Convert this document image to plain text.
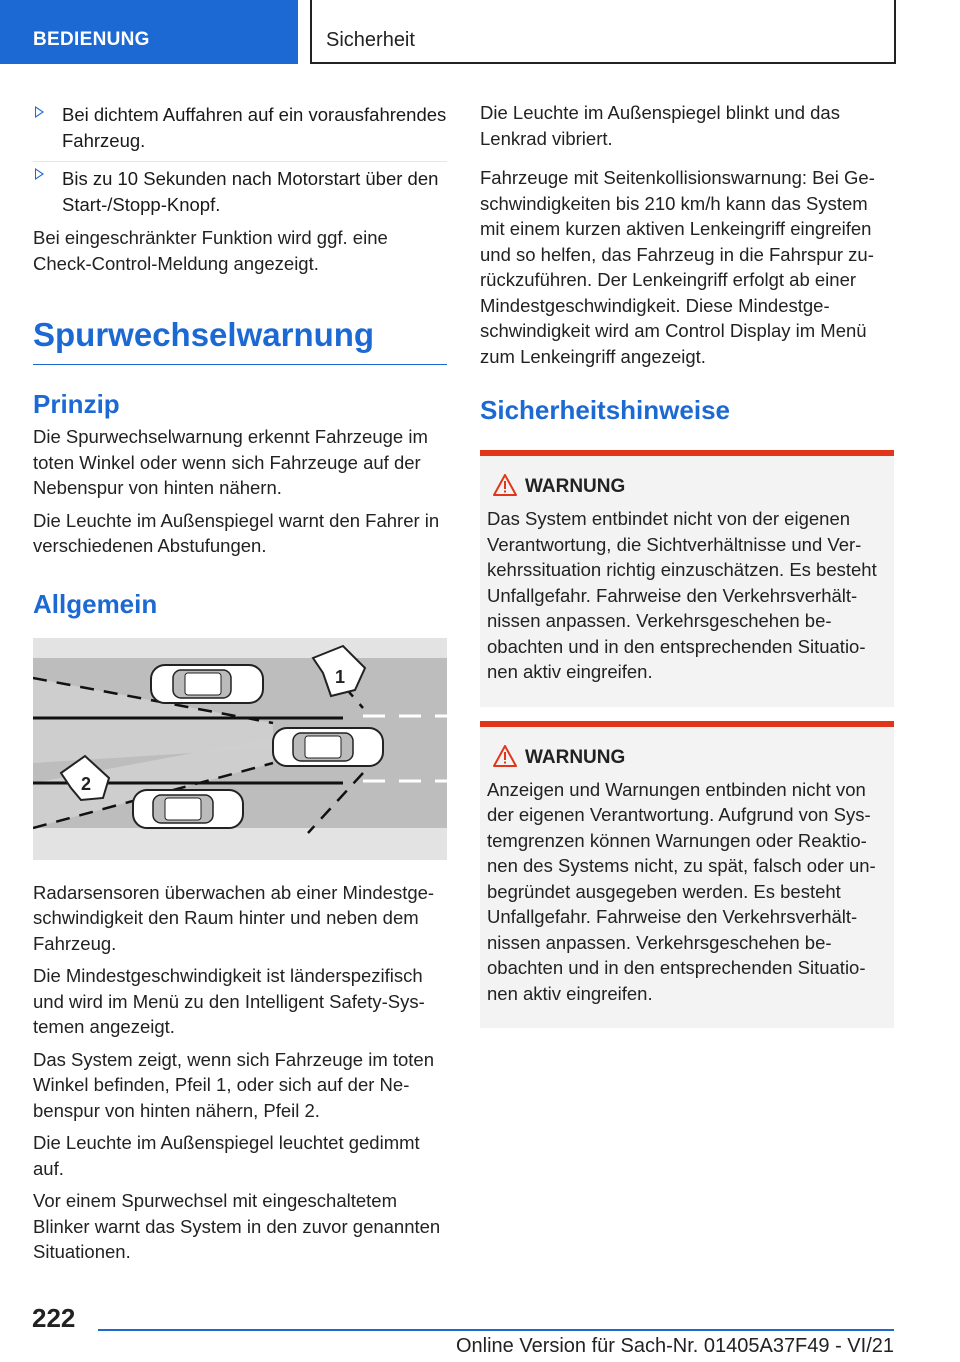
BEDIENUNG	Sicherheit
Bei dichtem Auffahren auf ein vorausfahrendes Fahrzeug.
Bis zu 10 Sekunden nach Motorstart über den Start-/Stopp-Knopf.

Bei eingeschränkter Funktion wird ggf. eine Check-Control-Meldung angezeigt.

Spurwechselwarnung
Prinzip

Die Spurwechselwarnung erkennt Fahrzeuge im toten Winkel oder wenn sich Fahrzeuge auf der Nebenspur von hinten nähern.

Die Leuchte im Außenspiegel warnt den Fahrer in verschiedenen Abstufungen.

Allgemein
1
2

Radarsensoren überwachen ab einer Mindestgeschwindigkeit den Raum hinter und neben dem Fahrzeug.

Die Mindestgeschwindigkeit ist länderspezifisch und wird im Menü zu den Intelligent Safety-Systemen angezeigt.

Das System zeigt, wenn sich Fahrzeuge im toten Winkel befinden, Pfeil 1, oder sich auf der Nebenspur von hinten nähern, Pfeil 2.

Die Leuchte im Außenspiegel leuchtet gedimmt auf.

Vor einem Spurwechsel mit eingeschaltetem Blinker warnt das System in den zuvor genannten Situationen.

Die Leuchte im Außenspiegel blinkt und das Lenkrad vibriert.

Fahrzeuge mit Seitenkollisionswarnung: Bei Geschwindigkeiten bis 210 km/h kann das System mit einem kurzen aktiven Lenkeingriff eingreifen und so helfen, das Fahrzeug in die Fahrspur zurückzuführen. Der Lenkeingriff erfolgt ab einer Mindestgeschwindigkeit. Diese Mindestgeschwindigkeit wird am Control Display im Menü zum Lenkeingriff angezeigt.

Sicherheitshinweise
WARNUNG

Das System entbindet nicht von der eigenen Verantwortung, die Sichtverhältnisse und Verkehrssituation richtig einzuschätzen. Es besteht Unfallgefahr. Fahrweise den Verkehrsverhältnissen anpassen. Verkehrsgeschehen beobachten und in den entsprechenden Situationen aktiv eingreifen.

WARNUNG

Anzeigen und Warnungen entbinden nicht von der eigenen Verantwortung. Aufgrund von Systemgrenzen können Warnungen oder Reaktionen des Systems nicht, zu spät, falsch oder unbegründet ausgegeben werden. Es besteht Unfallgefahr. Fahrweise den Verkehrsverhältnissen anpassen. Verkehrsgeschehen beobachten und in den entsprechenden Situationen aktiv eingreifen.

222
Online Version für Sach-Nr. 01405A37F49 - VI/21
